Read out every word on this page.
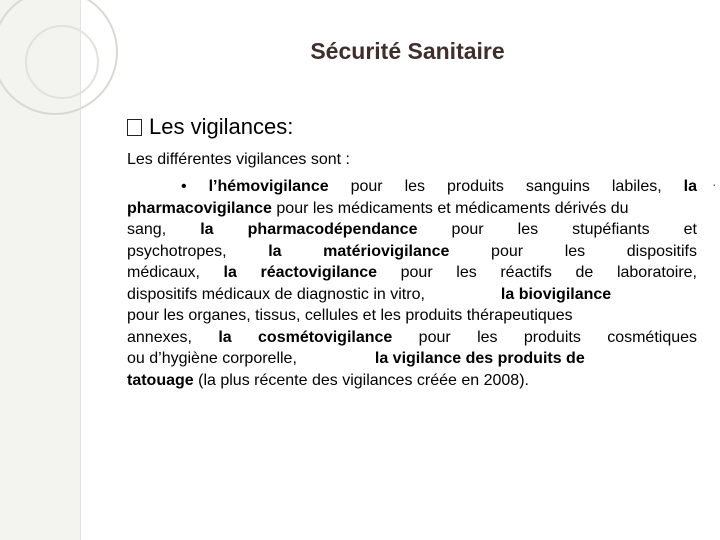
Sécurité Sanitaire
Les vigilances:
Les différentes vigilances sont :
·
• l’hémovigilance pour les produits sanguins labiles, la
pharmacovigilance pour les médicaments et médicaments dérivés du
sang, la pharmacodépendance pour les stupéfiants et
psychotropes,	la matériovigilance pour les dispositifs
médicaux, la réactovigilance pour les réactifs de laboratoire,
dispositifs médicaux de diagnostic in vitro,	la biovigilance
pour les organes, tissus, cellules et les produits thérapeutiques
annexes, la cosmétovigilance pour les produits cosmétiques
ou d’hygiène corporelle,	la vigilance des produits de
tatouage (la plus récente des vigilances créée en 2008).
